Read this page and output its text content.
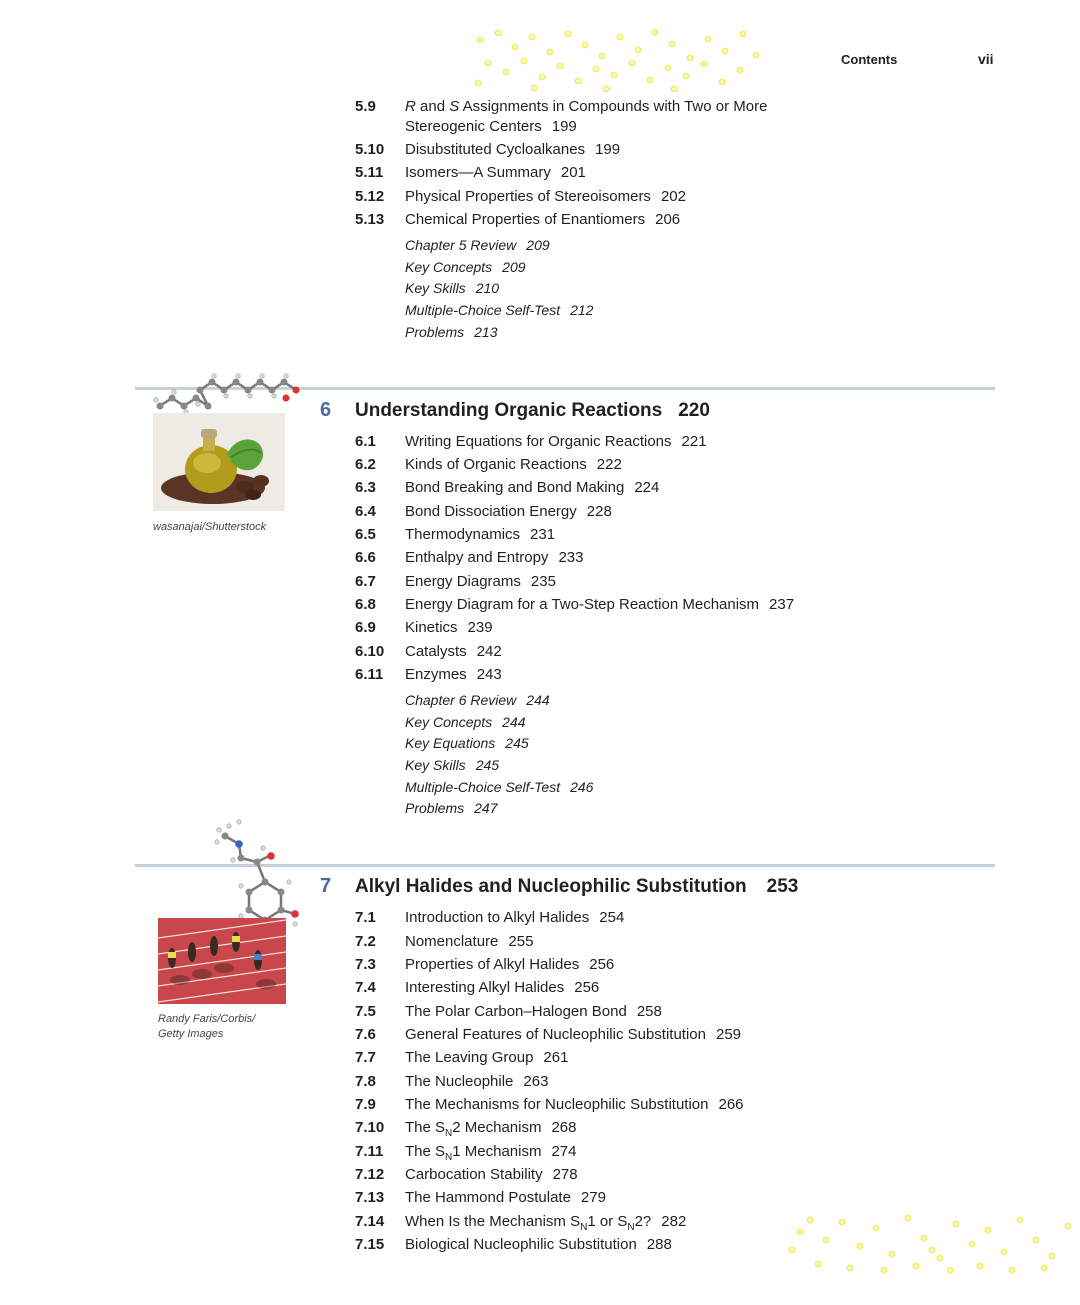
Contents	vii
5.9 R and S Assignments in Compounds with Two or More
Stereogenic Centers 199
5.10 Disubstituted Cycloalkanes 199
5.11 Isomers—A Summary 201
5.12 Physical Properties of Stereoisomers 202
5.13 Chemical Properties of Enantiomers 206
Chapter 5 Review 209
Key Concepts 209
Key Skills 210
Multiple-Choice Self-Test 212
Problems 213
wasanajai/Shutterstock
6 Understanding Organic Reactions 220
6.1 Writing Equations for Organic Reactions 221
6.2 Kinds of Organic Reactions 222
6.3 Bond Breaking and Bond Making 224
6.4 Bond Dissociation Energy 228
6.5 Thermodynamics 231
6.6 Enthalpy and Entropy 233
6.7 Energy Diagrams 235
6.8 Energy Diagram for a Two-Step Reaction Mechanism 237
6.9 Kinetics 239
6.10 Catalysts 242
6.11 Enzymes 243
Chapter 6 Review 244
Key Concepts 244
Key Equations 245
Key Skills 245
Multiple-Choice Self-Test 246
Problems 247
Randy Faris/Corbis/
Getty Images
7 Alkyl Halides and Nucleophilic Substitution 253
7.1 Introduction to Alkyl Halides 254
7.2 Nomenclature 255
7.3 Properties of Alkyl Halides 256
7.4 Interesting Alkyl Halides 256
7.5 The Polar Carbon–Halogen Bond 258
7.6 General Features of Nucleophilic Substitution 259
7.7 The Leaving Group 261
7.8 The Nucleophile 263
7.9 The Mechanisms for Nucleophilic Substitution 266
7.10 The $S_N2$ Mechanism 268
7.11 The $S_N1$ Mechanism 274
7.12 Carbocation Stability 278
7.13 The Hammond Postulate 279
7.14 When Is the Mechanism $S_N1$ or $S_N2$? 282
7.15 Biological Nucleophilic Substitution 288
